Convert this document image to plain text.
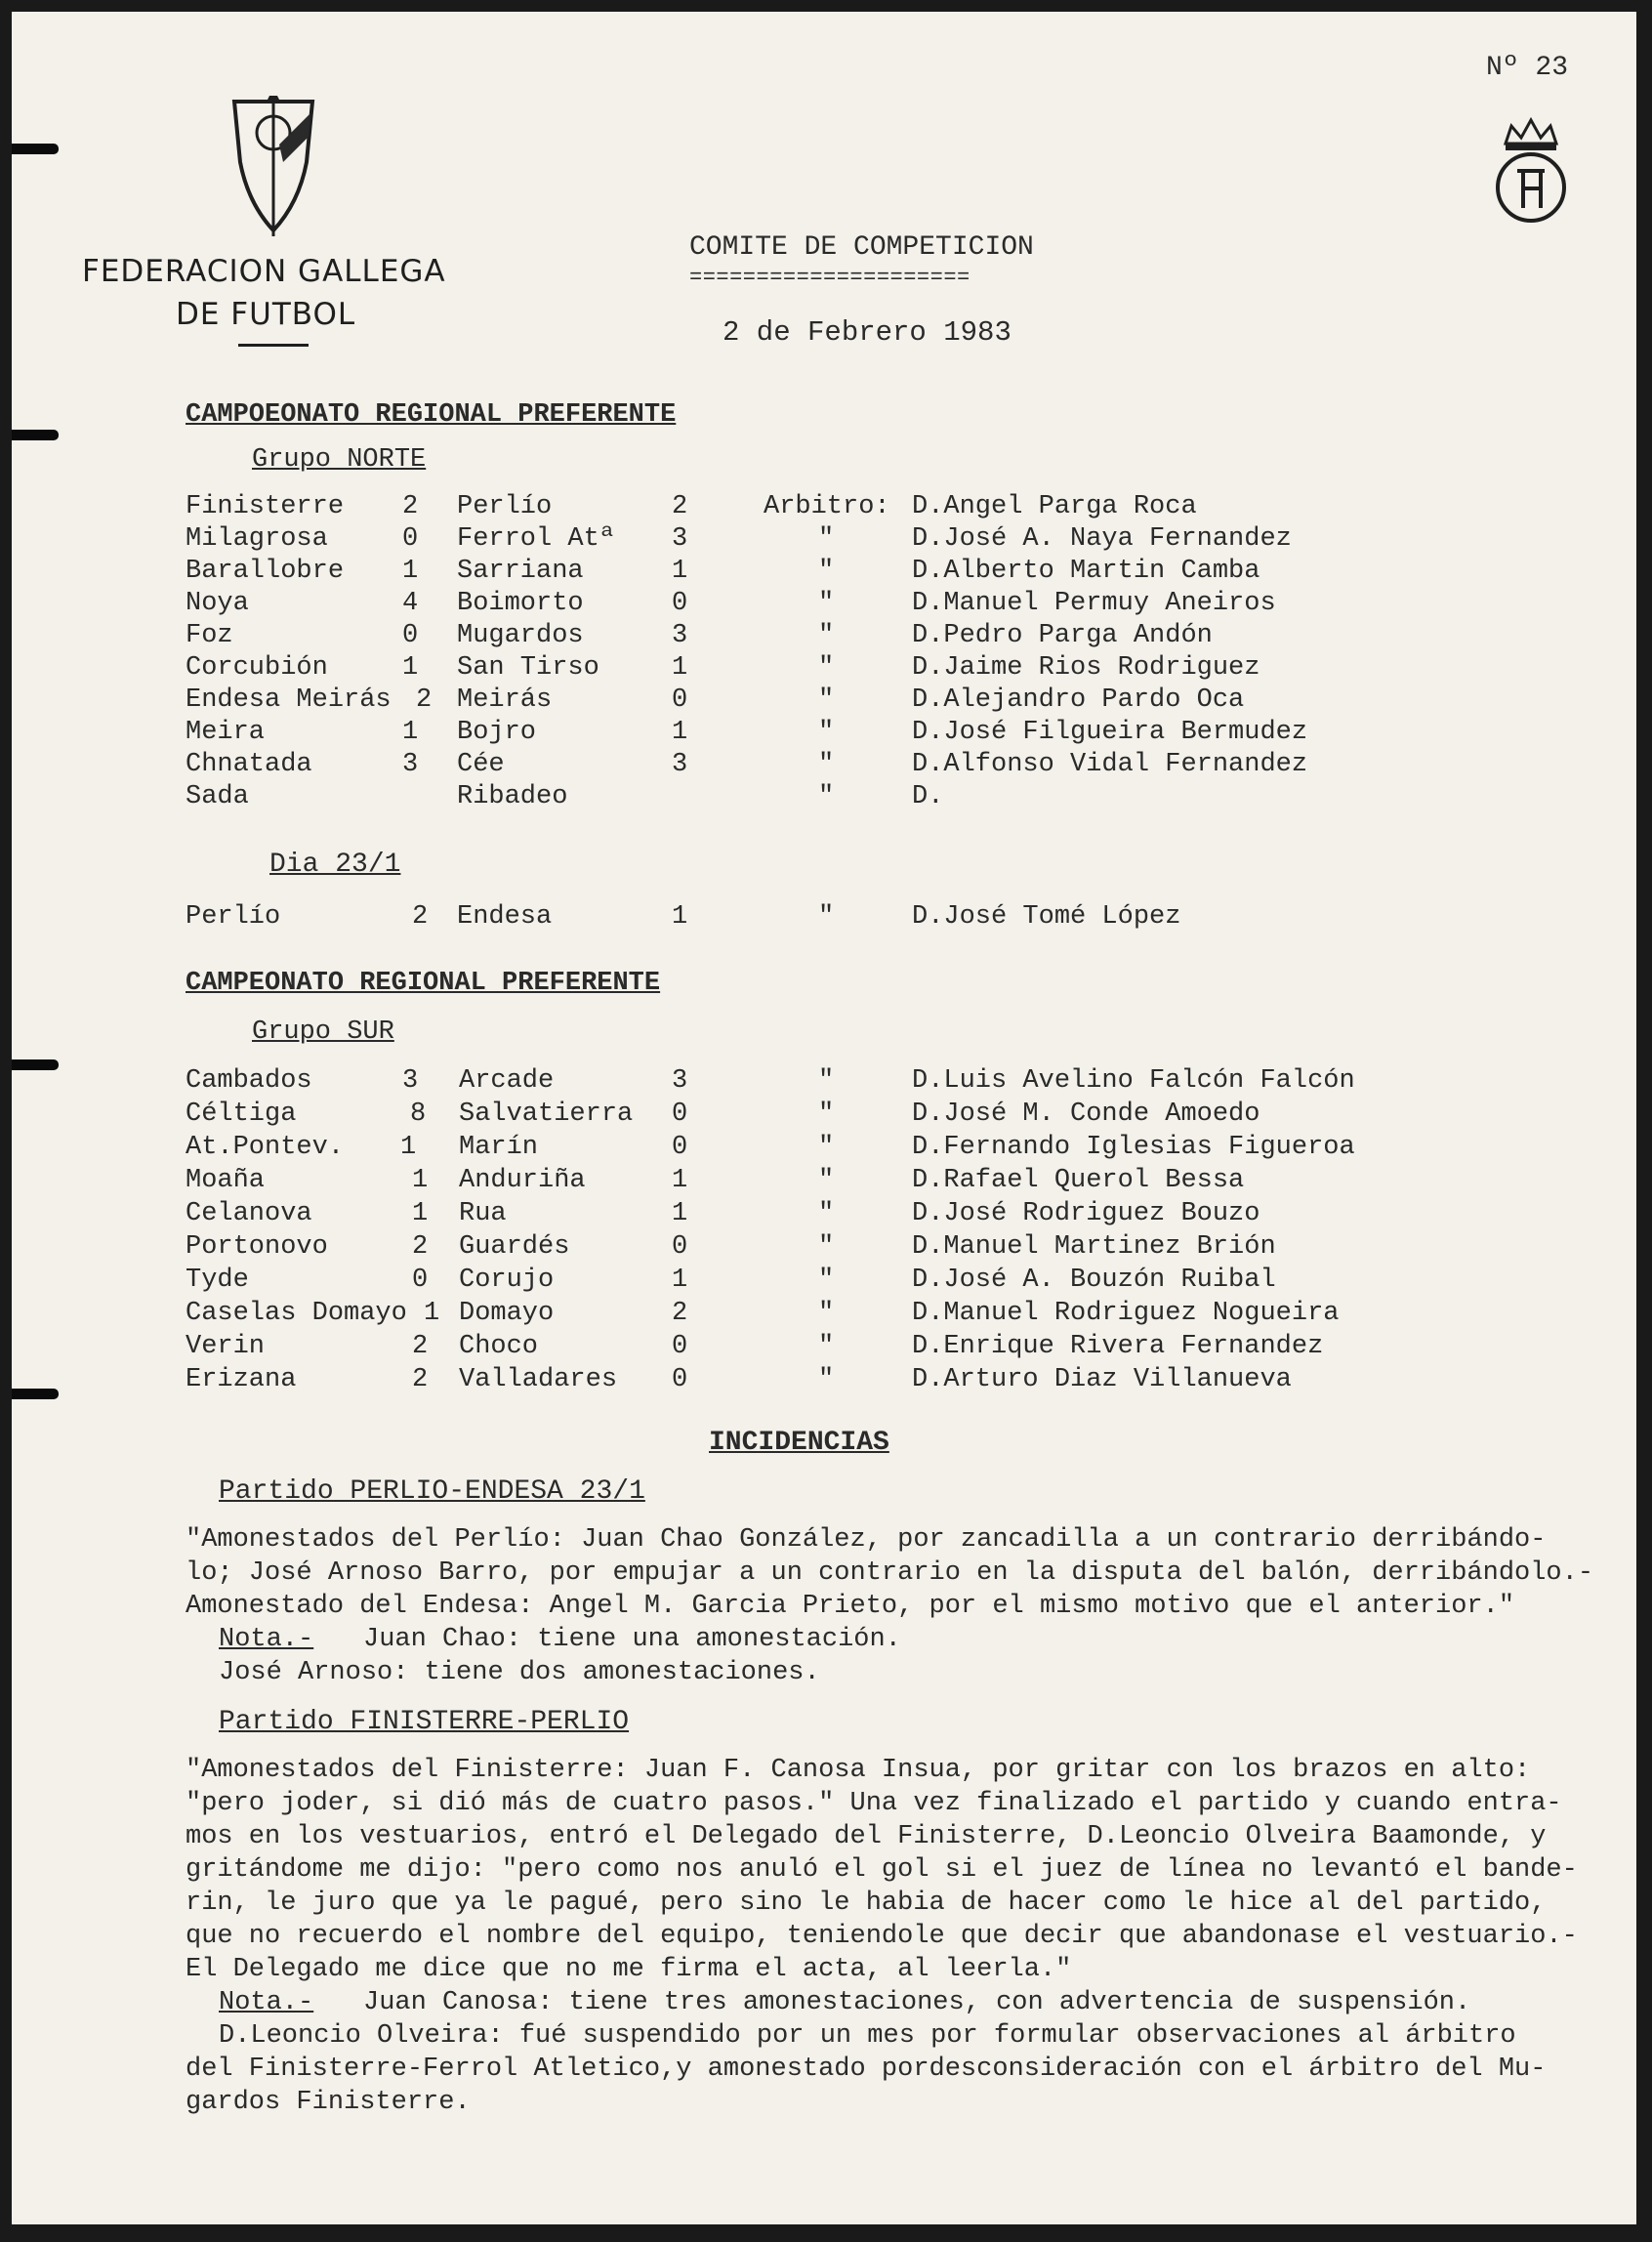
Nº 23
FEDERACION GALLEGA
DE FUTBOL
COMITE DE COMPETICION
=====================
2 de Febrero 1983
CAMPOEONATO REGIONAL PREFERENTE
Grupo NORTE
Finisterre 2 Perlío	2	Arbitro: D.Angel Parga Roca
Milagrosa	0 Ferrol Atª 3	"	D.José A. Naya Fernandez
Barallobre 1 Sarriana	1	"	D.Alberto Martin Camba
Noya	4 Boimorto	0	"	D.Manuel Permuy Aneiros
Foz	0 Mugardos	3	"	D.Pedro Parga Andón
Corcubión	1 San Tirso	1	"	D.Jaime Rios Rodriguez
Endesa Meirás 2 Meirás	0	"	D.Alejandro Pardo Oca
Meira	1 Bojro	1	"	D.José Filgueira Bermudez
Chnatada	3 Cée	3	"	D.Alfonso Vidal Fernandez
Sada	Ribadeo	"	D.
Dia 23/1
Perlío	2 Endesa	1	"	D.José Tomé López
CAMPEONATO REGIONAL PREFERENTE
Grupo SUR
Cambados	3 Arcade	3	"	D.Luis Avelino Falcón Falcón
Céltiga	8 Salvatierra 0	"	D.José M. Conde Amoedo
At.Pontev. 1 Marín	0	"	D.Fernando Iglesias Figueroa
Moaña	1 Anduriña	1	"	D.Rafael Querol Bessa
Celanova	1 Rua	1	"	D.José Rodriguez Bouzo
Portonovo	2 Guardés	0	"	D.Manuel Martinez Brión
Tyde	0 Corujo	1	"	D.José A. Bouzón Ruibal
Caselas Domayo 1 Domayo	2	"	D.Manuel Rodriguez Nogueira
Verin	2 Choco	0	"	D.Enrique Rivera Fernandez
Erizana	2 Valladares 0	"	D.Arturo Diaz Villanueva
INCIDENCIAS
Partido PERLIO-ENDESA 23/1
"Amonestados del Perlío: Juan Chao González, por zancadilla a un contrario derribándo-
lo; José Arnoso Barro, por empujar a un contrario en la disputa del balón, derribándolo.-
Amonestado del Endesa: Angel M. Garcia Prieto, por el mismo motivo que el anterior."
Nota.- Juan Chao: tiene una amonestación.
José Arnoso: tiene dos amonestaciones.
Partido FINISTERRE-PERLIO
"Amonestados del Finisterre: Juan F. Canosa Insua, por gritar con los brazos en alto:
"pero joder, si dió más de cuatro pasos." Una vez finalizado el partido y cuando entra-
mos en los vestuarios, entró el Delegado del Finisterre, D.Leoncio Olveira Baamonde, y
gritándome me dijo: "pero como nos anuló el gol si el juez de línea no levantó el bande-
rin, le juro que ya le pagué, pero sino le habia de hacer como le hice al del partido,
que no recuerdo el nombre del equipo, teniendole que decir que abandonase el vestuario.-
El Delegado me dice que no me firma el acta, al leerla."
Nota.- Juan Canosa: tiene tres amonestaciones, con advertencia de suspensión.
D.Leoncio Olveira: fué suspendido por un mes por formular observaciones al árbitro
del Finisterre-Ferrol Atletico,y amonestado pordesconsideración con el árbitro del Mu-
gardos Finisterre.
